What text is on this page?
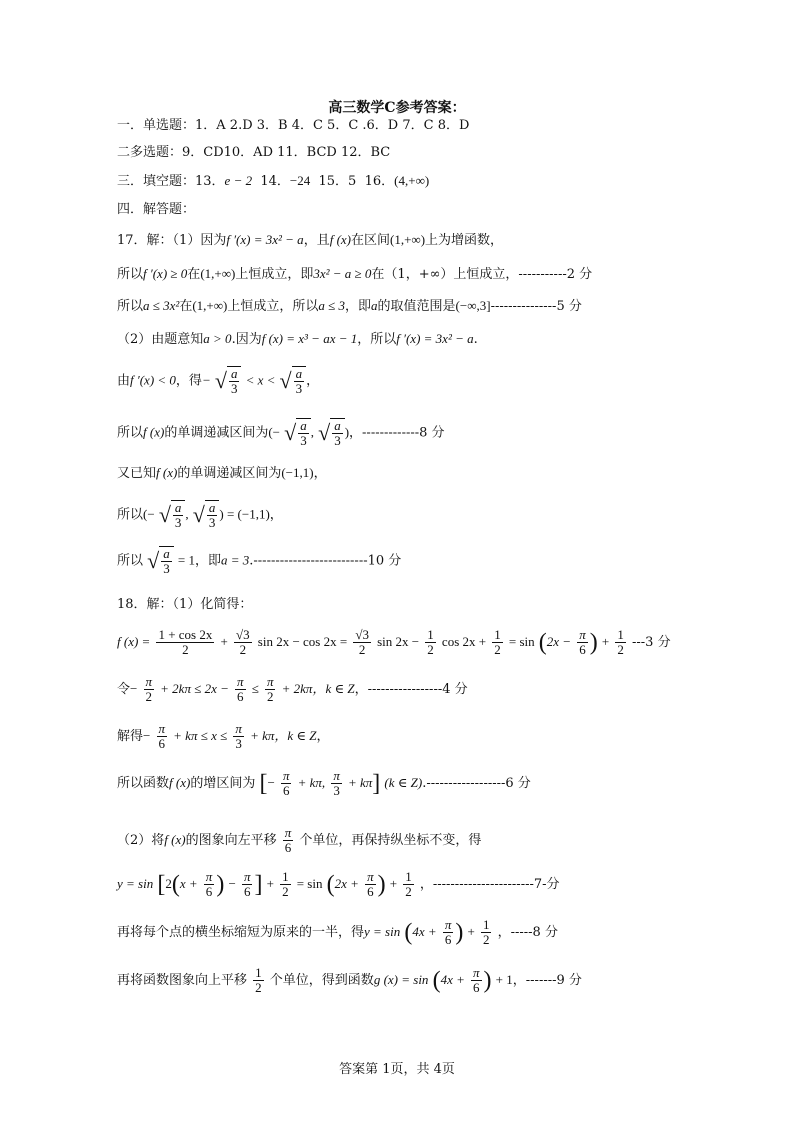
高三数学C参考答案：
一．单选题：1．A 2.D 3．B 4．C 5．C .6．D 7．C 8．D
二多选题：9．CD10．AD 11．BCD 12．BC
三．填空题：13．e − 2 14．−24 15．5 16．(4,+∞)
四．解答题：
17．解：（1）因为f ′(x) = 3x² − a，且f (x)在区间(1,+∞)上为增函数，
所以f ′(x) ≥ 0在(1,+∞)上恒成立，即3x² − a ≥ 0在（1，+∞）上恒成立，-----------2 分
所以a ≤ 3x²在(1,+∞)上恒成立，所以a ≤ 3，即a的取值范围是(−∞,3]---------------5 分
（2）由题意知a > 0.因为f (x) = x³ − ax − 1，所以f ′(x) = 3x² − a.
由f ′(x) < 0，得− √ $\frac{a}{3} < x$ < √ $\frac{a}{3}$ ，
所以f (x)的单调递减区间为(− √ $\frac{a}{3}$ , √ $\frac{a}{3}$ )，-------------8 分
又已知f (x)的单调递减区间为(−1,1)，
所以(− √ $\frac{a}{3}$ , √ $\frac{a}{3}$ ) = (−1,1)，
所以 √ $\frac{a}{3} = 1$，即a = 3.--------------------------10 分
18．解：（1）化简得：
f $(x) = \frac{1 + \cos 2x}{2} + \frac{√3}{2}$ $\sin 2x - \cos 2x = \frac{√3}{2}$ $\sin 2x - \frac{1}{2}$ $\cos 2x + \frac{1}{2} = \sin (2x - \frac{\pi}{6}$ ) + $\frac{1}{2} ---3$ 分
令− $\frac{\pi}{2} + 2k\pi \le 2x - \frac{\pi}{6} \le \frac{\pi}{2} + 2k\pi$，k ∈ Z，-----------------4 分
解得− $\frac{\pi}{6} + k\pi \le x \le \frac{\pi}{3} + k\pi$，k ∈ Z，
所以函数f (x)的增区间为 [− $\frac{\pi}{6} + k\pi$, $\frac{\pi}{3} + k\pi$] (k ∈ Z).------------------6 分
（2）将f (x)的图象向左平移 $\frac{\pi}{6}$ 个单位，再保持纵坐标不变，得
$y = \sin [2(x + \frac{\pi}{6}$ ) − $\frac{\pi}{6}$ ] + $\frac{1}{2} = \sin (2x + \frac{\pi}{6}$ ) + $\frac{1}{2}$ ，-----------------------7-分
再将每个点的横坐标缩短为原来的一半，得$y = \sin (4x + \frac{\pi}{6}$ ) + $\frac{1}{2}$ ，-----8 分
再将函数图象向上平移 $\frac{1}{2}$ 个单位，得到函数g $(x) = \sin (4x + \frac{\pi}{6}$ ) + 1，-------9 分
答案第 1页，共 4页
